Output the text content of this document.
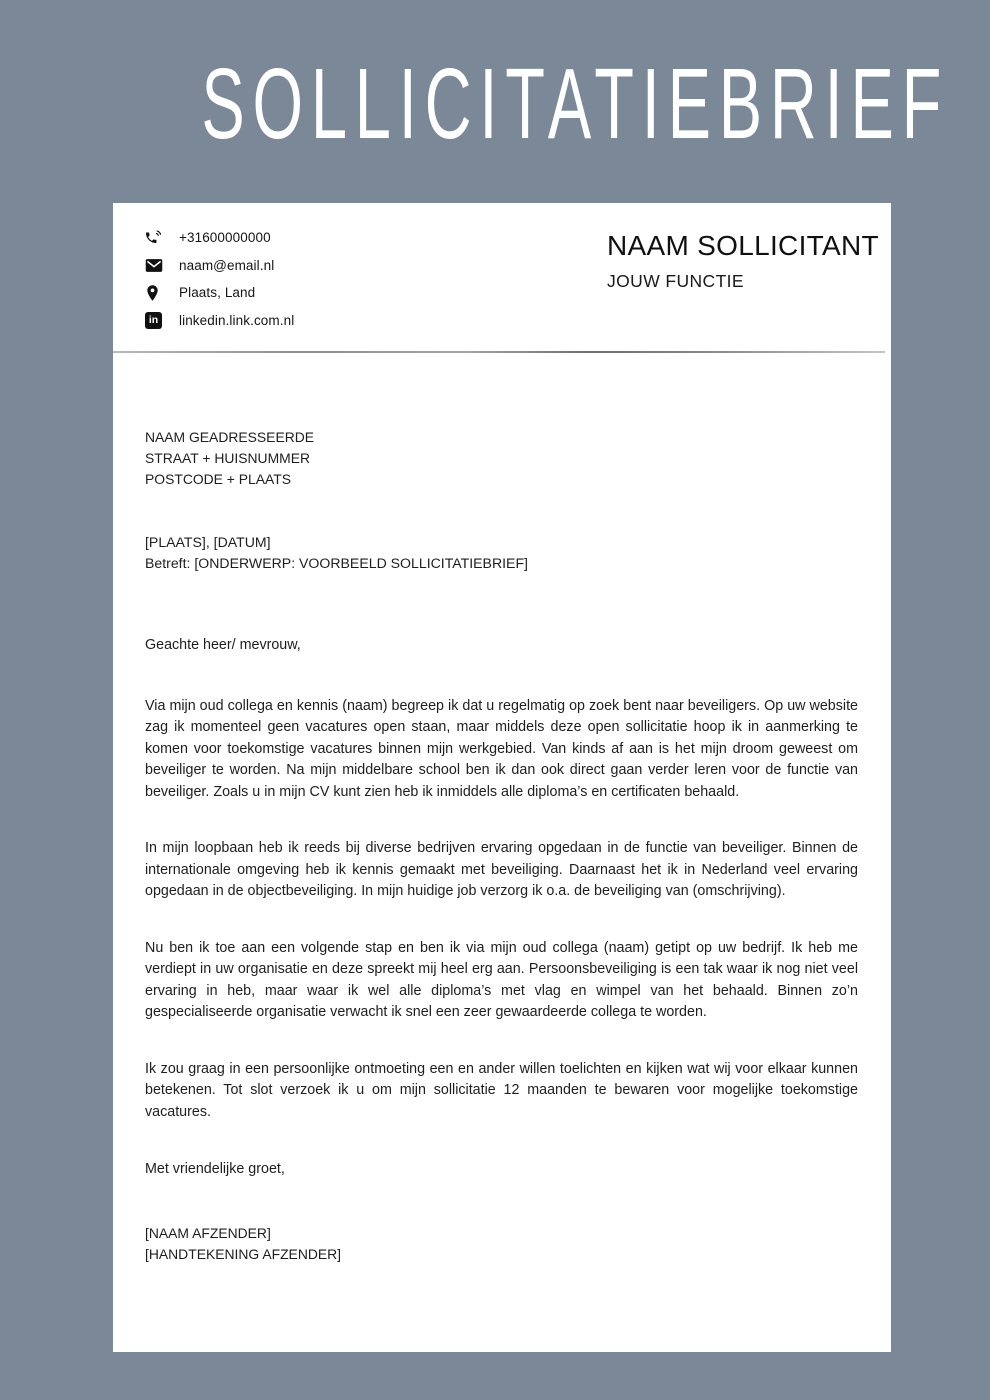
SOLLICITATIEBRIEF
+31600000000
naam@email.nl
Plaats, Land
in linkedin.link.com.nl
NAAM SOLLICITANT
JOUW FUNCTIE
NAAM GEADRESSEERDE
STRAAT + HUISNUMMER
POSTCODE + PLAATS
[PLAATS], [DATUM]
Betreft: [ONDERWERP: VOORBEELD SOLLICITATIEBRIEF]
Geachte heer/ mevrouw,

Via mijn oud collega en kennis (naam) begreep ik dat u regelmatig op zoek bent naar beveiligers. Op uw website zag ik momenteel geen vacatures open staan, maar middels deze open sollicitatie hoop ik in aanmerking te komen voor toekomstige vacatures binnen mijn werkgebied. Van kinds af aan is het mijn droom geweest om beveiliger te worden. Na mijn middelbare school ben ik dan ook direct gaan verder leren voor de functie van beveiliger. Zoals u in mijn CV kunt zien heb ik inmiddels alle diploma’s en certificaten behaald.

In mijn loopbaan heb ik reeds bij diverse bedrijven ervaring opgedaan in de functie van beveiliger. Binnen de internationale omgeving heb ik kennis gemaakt met beveiliging. Daarnaast het ik in Nederland veel ervaring opgedaan in de objectbeveiliging. In mijn huidige job verzorg ik o.a. de beveiliging van (omschrijving).

Nu ben ik toe aan een volgende stap en ben ik via mijn oud collega (naam) getipt op uw bedrijf. Ik heb me verdiept in uw organisatie en deze spreekt mij heel erg aan. Persoonsbeveiliging is een tak waar ik nog niet veel ervaring in heb, maar waar ik wel alle diploma’s met vlag en wimpel van het behaald. Binnen zo’n gespecialiseerde organisatie verwacht ik snel een zeer gewaardeerde collega te worden.

Ik zou graag in een persoonlijke ontmoeting een en ander willen toelichten en kijken wat wij voor elkaar kunnen betekenen. Tot slot verzoek ik u om mijn sollicitatie 12 maanden te bewaren voor mogelijke toekomstige vacatures.

Met vriendelijke groet,
[NAAM AFZENDER]
[HANDTEKENING AFZENDER]
